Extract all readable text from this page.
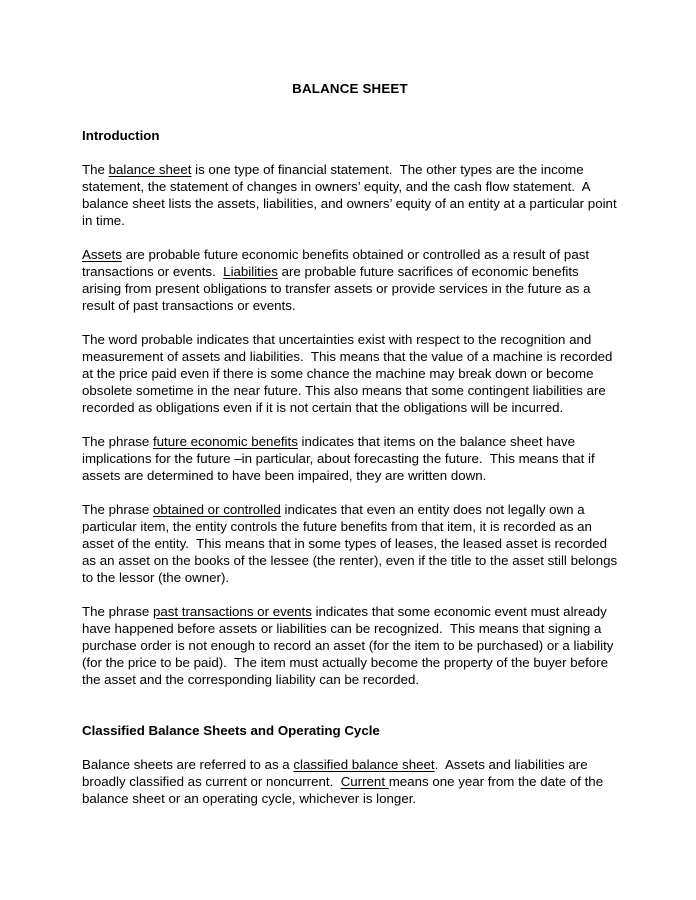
BALANCE SHEET
Introduction

The balance sheet is one type of financial statement.  The other types are the income statement, the statement of changes in owners’ equity, and the cash flow statement.  A balance sheet lists the assets, liabilities, and owners’ equity of an entity at a particular point in time.

Assets are probable future economic benefits obtained or controlled as a result of past transactions or events.  Liabilities are probable future sacrifices of economic benefits arising from present obligations to transfer assets or provide services in the future as a result of past transactions or events.

The word probable indicates that uncertainties exist with respect to the recognition and measurement of assets and liabilities.  This means that the value of a machine is recorded at the price paid even if there is some chance the machine may break down or become obsolete sometime in the near future. This also means that some contingent liabilities are recorded as obligations even if it is not certain that the obligations will be incurred.

The phrase future economic benefits indicates that items on the balance sheet have implications for the future –in particular, about forecasting the future.  This means that if assets are determined to have been impaired, they are written down.

The phrase obtained or controlled indicates that even an entity does not legally own a particular item, the entity controls the future benefits from that item, it is recorded as an asset of the entity.  This means that in some types of leases, the leased asset is recorded as an asset on the books of the lessee (the renter), even if the title to the asset still belongs to the lessor (the owner).

The phrase past transactions or events indicates that some economic event must already have happened before assets or liabilities can be recognized.  This means that signing a purchase order is not enough to record an asset (for the item to be purchased) or a liability (for the price to be paid).  The item must actually become the property of the buyer before the asset and the corresponding liability can be recorded.

Classified Balance Sheets and Operating Cycle

Balance sheets are referred to as a classified balance sheet.  Assets and liabilities are broadly classified as current or noncurrent.  Current means one year from the date of the balance sheet or an operating cycle, whichever is longer.
